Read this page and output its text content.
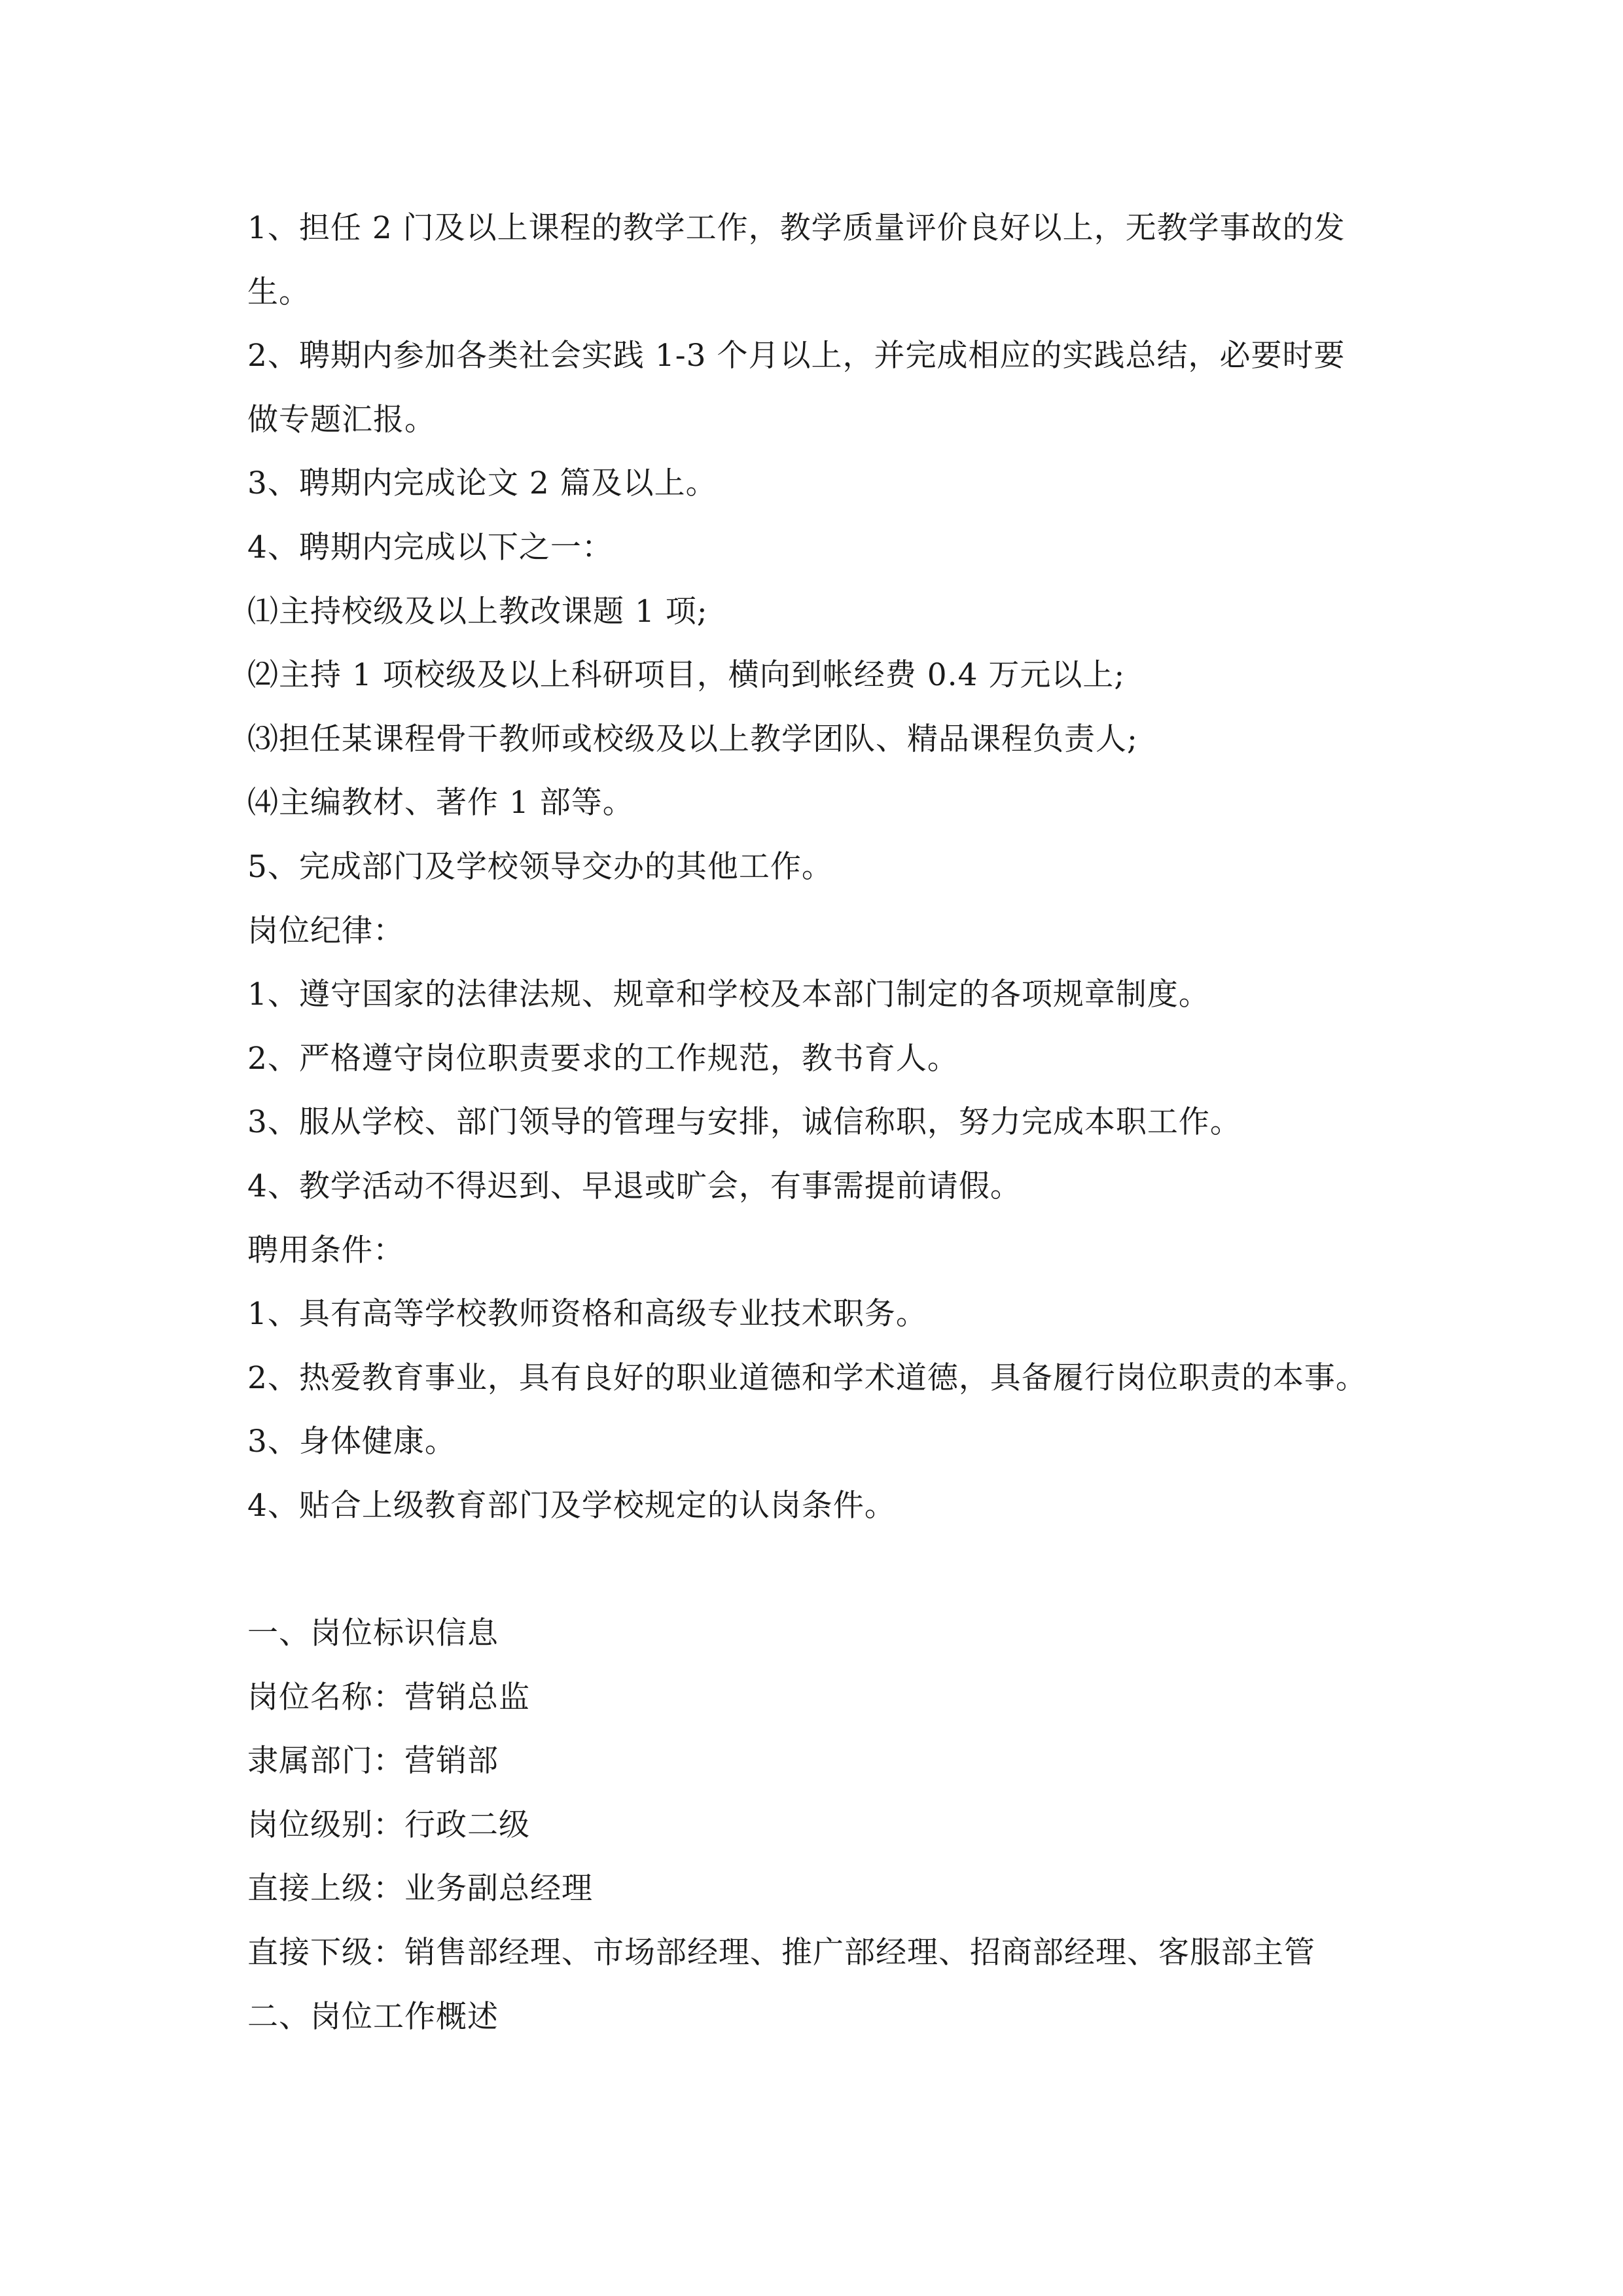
1、担任 2 门及以上课程的教学工作，教学质量评价良好以上，无教学事故的发
生。
2、聘期内参加各类社会实践 1-3 个月以上，并完成相应的实践总结，必要时要
做专题汇报。
3、聘期内完成论文 2 篇及以上。
4、聘期内完成以下之一：
⑴主持校级及以上教改课题 1 项;
⑵主持 1 项校级及以上科研项目，横向到帐经费 0.4 万元以上;
⑶担任某课程骨干教师或校级及以上教学团队、精品课程负责人;
⑷主编教材、著作 1 部等。
5、完成部门及学校领导交办的其他工作。
岗位纪律：
1、遵守国家的法律法规、规章和学校及本部门制定的各项规章制度。
2、严格遵守岗位职责要求的工作规范，教书育人。
3、服从学校、部门领导的管理与安排，诚信称职，努力完成本职工作。
4、教学活动不得迟到、早退或旷会，有事需提前请假。
聘用条件：
1、具有高等学校教师资格和高级专业技术职务。
2、热爱教育事业，具有良好的职业道德和学术道德，具备履行岗位职责的本事。
3、身体健康。
4、贴合上级教育部门及学校规定的认岗条件。
一、岗位标识信息
岗位名称：营销总监
隶属部门：营销部
岗位级别：行政二级
直接上级：业务副总经理
直接下级：销售部经理、市场部经理、推广部经理、招商部经理、客服部主管
二、岗位工作概述
